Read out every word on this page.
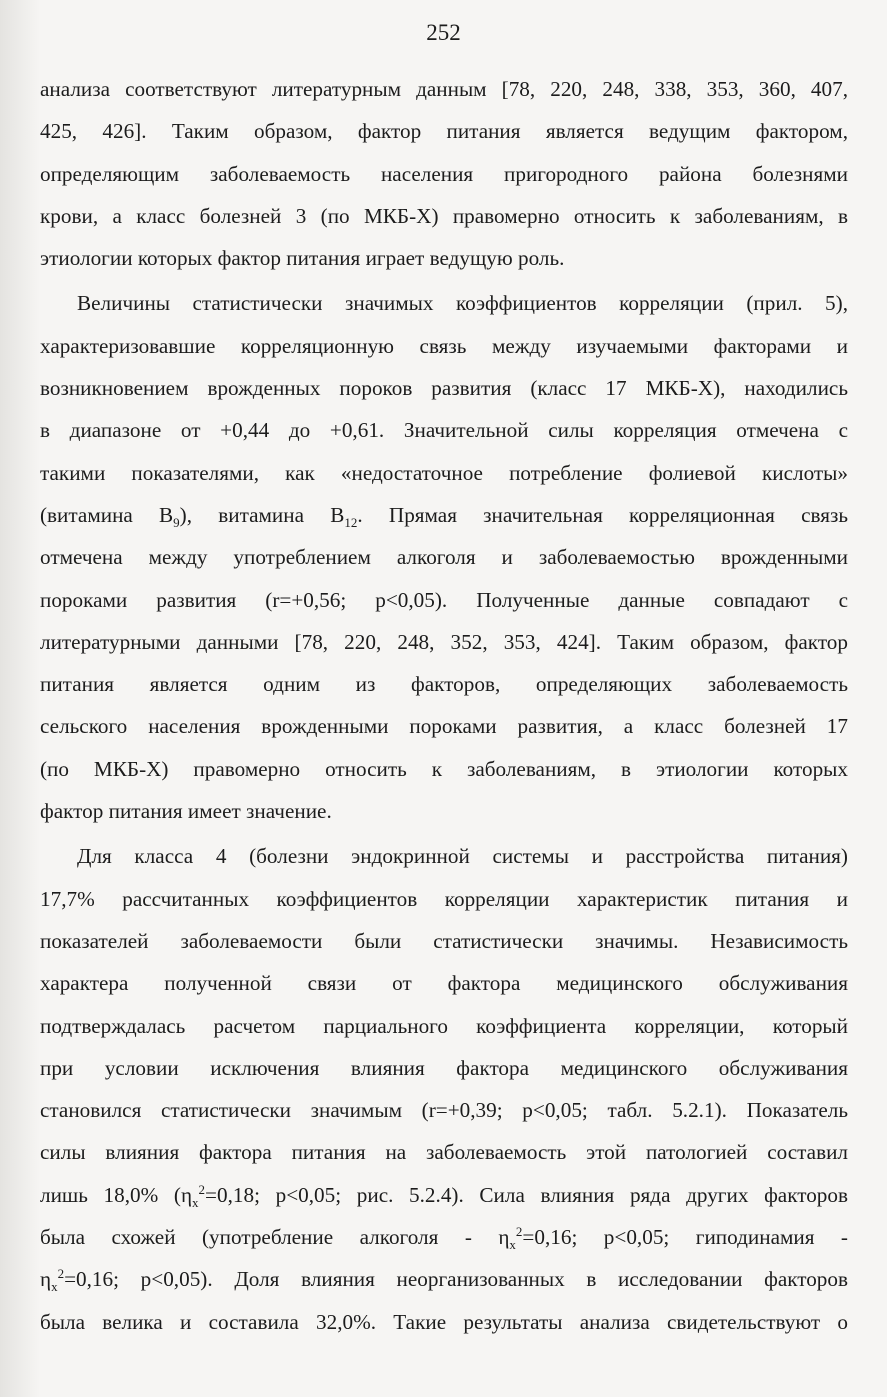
252
анализа соответствуют литературным данным [78, 220, 248, 338, 353, 360, 407,
425, 426]. Таким образом, фактор питания является ведущим фактором,
определяющим заболеваемость населения пригородного района болезнями
крови, а класс болезней 3 (по МКБ-X) правомерно относить к заболеваниям, в
этиологии которых фактор питания играет ведущую роль.
Величины статистически значимых коэффициентов корреляции (прил. 5),
характеризовавшие корреляционную связь между изучаемыми факторами и
возникновением врожденных пороков развития (класс 17 МКБ-X), находились
в диапазоне от +0,44 до +0,61. Значительной силы корреляция отмечена с
такими показателями, как «недостаточное потребление фолиевой кислоты»
(витамина $B_9$), витамина $B_{12}$. Прямая значительная корреляционная связь
отмечена между употреблением алкоголя и заболеваемостью врожденными
пороками развития (r=+0,56; p<0,05). Полученные данные совпадают с
литературными данными [78, 220, 248, 352, 353, 424]. Таким образом, фактор
питания является одним из факторов, определяющих заболеваемость
сельского населения врожденными пороками развития, а класс болезней 17
(по МКБ-X) правомерно относить к заболеваниям, в этиологии которых
фактор питания имеет значение.
Для класса 4 (болезни эндокринной системы и расстройства питания)
17,7% рассчитанных коэффициентов корреляции характеристик питания и
показателей заболеваемости были статистически значимы. Независимость
характера полученной связи от фактора медицинского обслуживания
подтверждалась расчетом парциального коэффициента корреляции, который
при условии исключения влияния фактора медицинского обслуживания
становился статистически значимым (r=+0,39; p<0,05; табл. 5.2.1). Показатель
силы влияния фактора питания на заболеваемость этой патологией составил
лишь 18,0% ($\eta_x^2=0,18$; p<0,05; рис. 5.2.4). Сила влияния ряда других факторов
была схожей (употребление алкоголя - $\eta_x^2=0,16$; p<0,05; гиподинамия -
$\eta_x^2=0,16$; p<0,05). Доля влияния неорганизованных в исследовании факторов
была велика и составила 32,0%. Такие результаты анализа свидетельствуют о
